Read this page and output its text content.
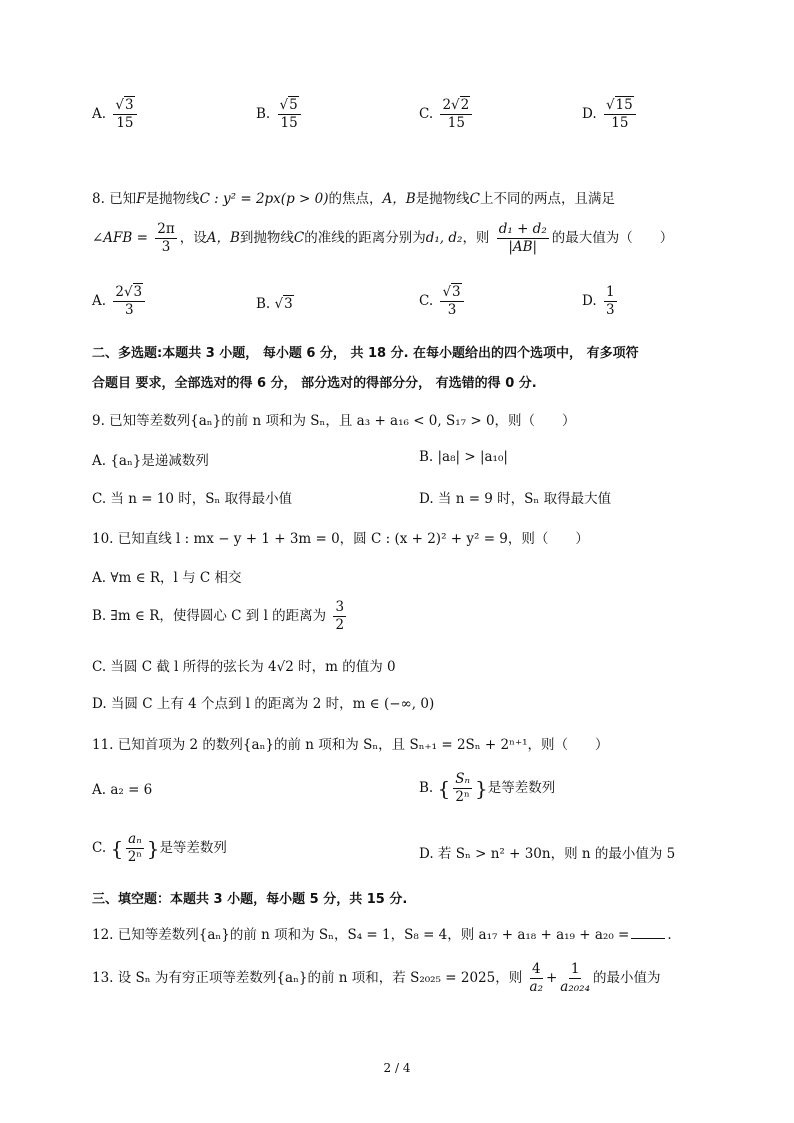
A. $\frac{√3}{15}$	B. $\frac{√5}{15}$	C. $\frac{2√2}{15}$	D. $\frac{√15}{15}$
8. 已知F是抛物线C : y² = 2px(p > 0)的焦点，A，B是抛物线C上不同的两点，且满足
∠AFB = $\frac{2\pi}{3}$ ，设A，B到抛物线C的准线的距离分别为d₁, d₂，则 $\frac{\text{d₁ + d₂}}{|AB|}$ 的最大值为（　　）
A. $\frac{2√3}{3}$	B. √3	C. $\frac{√3}{3}$	D. $\frac{1}{3}$
二、多选题:本题共 3 小题， 每小题 6 分， 共 18 分. 在每小题给出的四个选项中， 有多项符
合题目 要求，全部选对的得 6 分， 部分选对的得部分分， 有选错的得 0 分.
9. 已知等差数列{aₙ}的前 n 项和为 Sₙ，且 a₃ + a₁₆ < 0, S₁₇ > 0，则（　　）
A. {aₙ}是递减数列	B. |a₈| > |a₁₀|
C. 当 n = 10 时，Sₙ 取得最小值	D. 当 n = 9 时，Sₙ 取得最大值
10. 已知直线 l : mx − y + 1 + 3m = 0，圆 C : (x + 2)² + y² = 9，则（　　）
A. ∀m ∈ R，l 与 C 相交
B. ∃m ∈ R，使得圆心 C 到 l 的距离为 $\frac{3}{2}$
C. 当圆 C 截 l 所得的弦长为 4√2 时，m 的值为 0
D. 当圆 C 上有 4 个点到 l 的距离为 2 时，m ∈ (−∞, 0)
11. 已知首项为 2 的数列{aₙ}的前 n 项和为 Sₙ，且 Sₙ₊₁ = 2Sₙ + 2ⁿ⁺¹，则（　　）
A. a₂ = 6	B. { $\frac{\text{Sₙ}}{\text{2ⁿ}}$ }是等差数列
C. { $\frac{\text{aₙ}}{\text{2ⁿ}}$ }是等差数列	D. 若 Sₙ > n² + 30n，则 n 的最小值为 5
三、填空题：本题共 3 小题，每小题 5 分，共 15 分.
12. 已知等差数列{aₙ}的前 n 项和为 Sₙ，S₄ = 1，S₈ = 4，则 a₁₇ + a₁₈ + a₁₉ + a₂₀ =	.
13. 设 Sₙ 为有穷正项等差数列{aₙ}的前 n 项和，若 S₂₀₂₅ = 2025，则 $\frac{4}{\text{a₂}} + \frac{1}{\text{a₂₀₂₄}}$ 的最小值为
2 / 4
